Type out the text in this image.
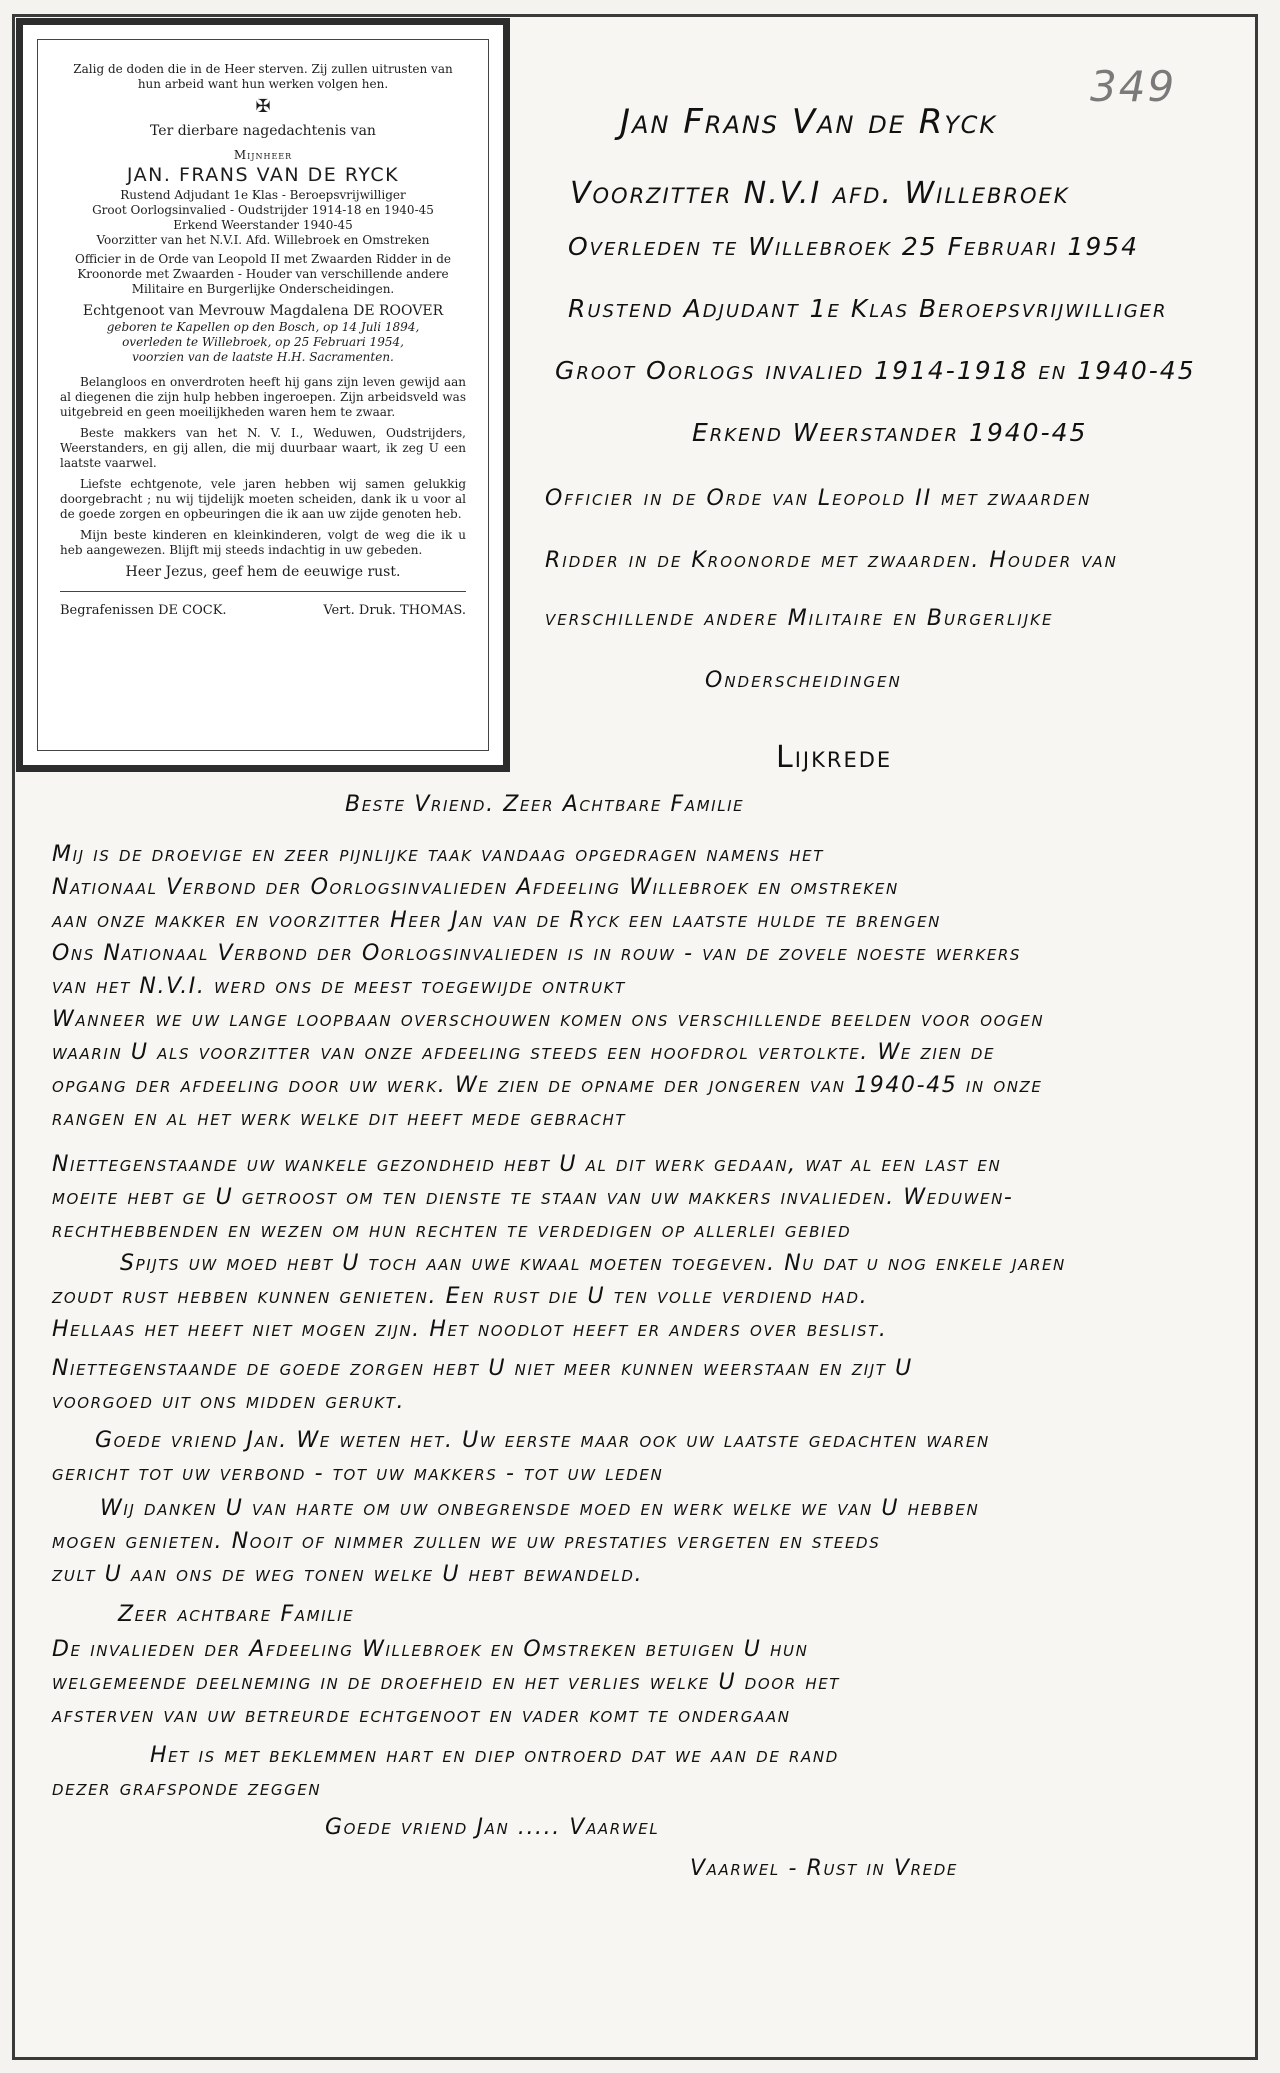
Zalig de doden die in de Heer sterven. Zij zullen uitrusten van hun arbeid want hun werken volgen hen.
✠
Ter dierbare nagedachtenis van
Mijnheer
JAN. FRANS VAN DE RYCK
Rustend Adjudant 1e Klas - Beroepsvrijwilliger
Groot Oorlogsinvalied - Oudstrijder 1914-18 en 1940-45
Erkend Weerstander 1940-45
Voorzitter van het N.V.I. Afd. Willebroek en Omstreken
Officier in de Orde van Leopold II met Zwaarden Ridder in de Kroonorde met Zwaarden - Houder van verschillende andere Militaire en Burgerlijke Onderscheidingen.
Echtgenoot van Mevrouw Magdalena DE ROOVER
geboren te Kapellen op den Bosch, op 14 Juli 1894,
overleden te Willebroek, op 25 Februari 1954,
voorzien van de laatste H.H. Sacramenten.

Belangloos en onverdroten heeft hij gans zijn leven gewijd aan al diegenen die zijn hulp hebben ingeroepen. Zijn arbeidsveld was uitgebreid en geen moeilijkheden waren hem te zwaar.

Beste makkers van het N. V. I., Weduwen, Oudstrijders, Weerstanders, en gij allen, die mij duurbaar waart, ik zeg U een laatste vaarwel.

Liefste echtgenote, vele jaren hebben wij samen gelukkig doorgebracht ; nu wij tijdelijk moeten scheiden, dank ik u voor al de goede zorgen en opbeuringen die ik aan uw zijde genoten heb.

Mijn beste kinderen en kleinkinderen, volgt de weg die ik u heb aangewezen. Blijft mij steeds indachtig in uw gebeden.

Heer Jezus, geef hem de eeuwige rust.
Begrafenissen DE COCK.	Vert. Druk. THOMAS.
349
Jan Frans Van de Ryck
Voorzitter N.V.I afd. Willebroek
Overleden te Willebroek 25 Februari 1954
Rustend Adjudant 1e Klas Beroepsvrijwilliger
Groot Oorlogs invalied 1914-1918 en 1940-45
Erkend Weerstander 1940-45
Officier in de Orde van Leopold II met zwaarden
Ridder in de Kroonorde met zwaarden. Houder van
verschillende andere Militaire en Burgerlijke
Onderscheidingen
Lijkrede
Beste Vriend. Zeer Achtbare Familie
Mij is de droevige en zeer pijnlijke taak vandaag opgedragen namens het
Nationaal Verbond der Oorlogsinvalieden Afdeeling Willebroek en omstreken
aan onze makker en voorzitter Heer Jan van de Ryck een laatste hulde te brengen
Ons Nationaal Verbond der Oorlogsinvalieden is in rouw - van de zovele noeste werkers
van het N.V.I. werd ons de meest toegewijde ontrukt
Wanneer we uw lange loopbaan overschouwen komen ons verschillende beelden voor oogen
waarin U als voorzitter van onze afdeeling steeds een hoofdrol vertolkte. We zien de
opgang der afdeeling door uw werk. We zien de opname der jongeren van 1940-45 in onze
rangen en al het werk welke dit heeft mede gebracht
Niettegenstaande uw wankele gezondheid hebt U al dit werk gedaan, wat al een last en
moeite hebt ge U getroost om ten dienste te staan van uw makkers invalieden. Weduwen-
rechthebbenden en wezen om hun rechten te verdedigen op allerlei gebied
Spijts uw moed hebt U toch aan uwe kwaal moeten toegeven. Nu dat u nog enkele jaren
zoudt rust hebben kunnen genieten. Een rust die U ten volle verdiend had.
Hellaas het heeft niet mogen zijn. Het noodlot heeft er anders over beslist.
Niettegenstaande de goede zorgen hebt U niet meer kunnen weerstaan en zijt U
voorgoed uit ons midden gerukt.
Goede vriend Jan. We weten het. Uw eerste maar ook uw laatste gedachten waren
gericht tot uw verbond - tot uw makkers - tot uw leden
Wij danken U van harte om uw onbegrensde moed en werk welke we van U hebben
mogen genieten. Nooit of nimmer zullen we uw prestaties vergeten en steeds
zult U aan ons de weg tonen welke U hebt bewandeld.
Zeer achtbare Familie
De invalieden der Afdeeling Willebroek en Omstreken betuigen U hun
welgemeende deelneming in de droefheid en het verlies welke U door het
afsterven van uw betreurde echtgenoot en vader komt te ondergaan
Het is met beklemmen hart en diep ontroerd dat we aan de rand
dezer grafsponde zeggen
Goede vriend Jan ..... Vaarwel
Vaarwel - Rust in Vrede
